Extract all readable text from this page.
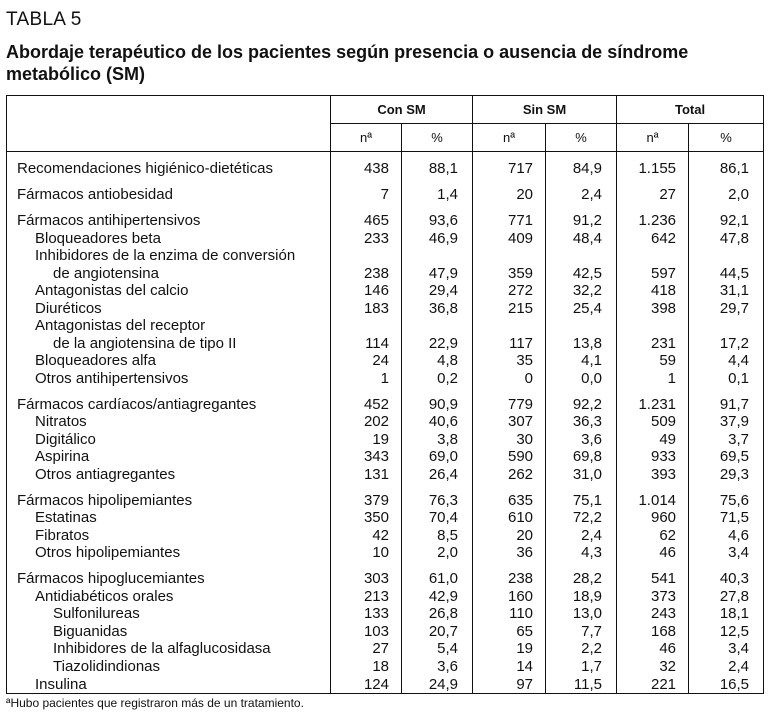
TABLA 5
Abordaje terapéutico de los pacientes según presencia o ausencia de síndrome metabólico (SM)
	Con SM		Sin SM		Total	
	nª	%	nª	%	nª	%
Recomendaciones higiénico-dietéticas	438	88,1	717	84,9	1.155	86,1

Fármacos antiobesidad	7	1,4	20	2,4	27	2,0

Fármacos antihipertensivos	465	93,6	771	91,2	1.236	92,1
Bloqueadores beta	233	46,9	409	48,4	642	47,8
Inhibidores de la enzima de conversión						
de angiotensina	238	47,9	359	42,5	597	44,5
Antagonistas del calcio	146	29,4	272	32,2	418	31,1
Diuréticos	183	36,8	215	25,4	398	29,7
Antagonistas del receptor						
de la angiotensina de tipo II	114	22,9	117	13,8	231	17,2
Bloqueadores alfa	24	4,8	35	4,1	59	4,4
Otros antihipertensivos	1	0,2	0	0,0	1	0,1

Fármacos cardíacos/antiagregantes	452	90,9	779	92,2	1.231	91,7
Nitratos	202	40,6	307	36,3	509	37,9
Digitálico	19	3,8	30	3,6	49	3,7
Aspirina	343	69,0	590	69,8	933	69,5
Otros antiagregantes	131	26,4	262	31,0	393	29,3

Fármacos hipolipemiantes	379	76,3	635	75,1	1.014	75,6
Estatinas	350	70,4	610	72,2	960	71,5
Fibratos	42	8,5	20	2,4	62	4,6
Otros hipolipemiantes	10	2,0	36	4,3	46	3,4

Fármacos hipoglucemiantes	303	61,0	238	28,2	541	40,3
Antidiabéticos orales	213	42,9	160	18,9	373	27,8
Sulfonilureas	133	26,8	110	13,0	243	18,1
Biguanidas	103	20,7	65	7,7	168	12,5
Inhibidores de la alfaglucosidasa	27	5,4	19	2,2	46	3,4
Tiazolidindionas	18	3,6	14	1,7	32	2,4
Insulina	124	24,9	97	11,5	221	16,5
ªHubo pacientes que registraron más de un tratamiento.
